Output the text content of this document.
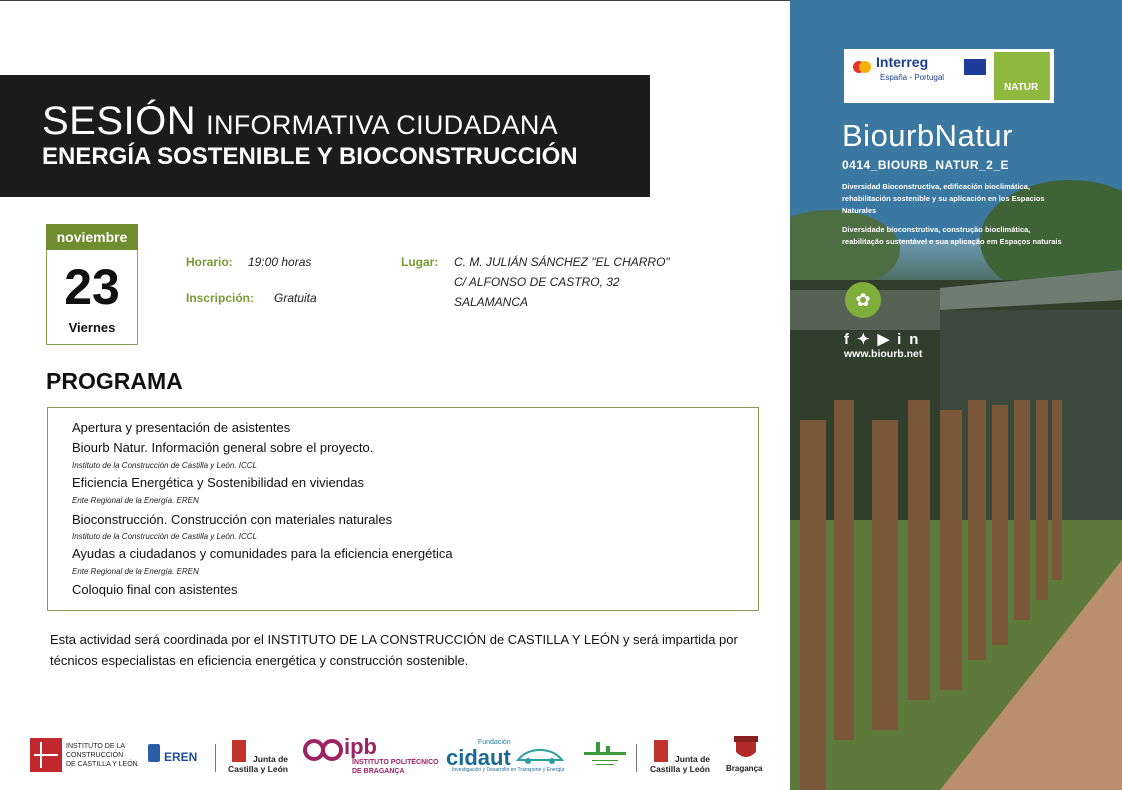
SESIÓN INFORMATIVA CIUDADANA
ENERGÍA SOSTENIBLE Y BIOCONSTRUCCIÓN
noviembre
23
Viernes
Horario: 19:00 horas
Inscripción: Gratuita
Lugar: C. M. JULIÁN SÁNCHEZ "EL CHARRO"
C/ ALFONSO DE CASTRO, 32
SALAMANCA
PROGRAMA
Apertura y presentación de asistentes
Biourb Natur. Información general sobre el proyecto.
Instituto de la Construcción de Castilla y León. ICCL
Eficiencia Energética y Sostenibilidad en viviendas
Ente Regional de la Energía. EREN
Bioconstrucción. Construcción con materiales naturales
Instituto de la Construcción de Castilla y León. ICCL
Ayudas a ciudadanos y comunidades para la eficiencia energética
Ente Regional de la Energía. EREN
Coloquio final con asistentes
Esta actividad será coordinada por el INSTITUTO DE LA CONSTRUCCIÓN de CASTILLA Y LEÓN y será impartida por técnicos especialistas en eficiencia energética y construcción sostenible.
INSTITUTO DE LA
CONSTRUCCIÓN
DE CASTILLA Y LEÓN
EREN	Junta de
Castilla y León
ipb
INSTITUTO POLITÉCNICO
DE BRAGANÇA
Fundación
cidaut
Investigación y Desarrollo en Transporte y Energía
Junta de
Castilla y León Bragança
Interreg
España - Portugal
NATUR
BiourbNatur
0414_BIOURB_NATUR_2_E
Diversidad Bioconstructiva, edificación bioclimática, rehabilitación sostenible y su aplicación en los Espacios Naturales
Diversidade bioconstrutiva, construção bioclimática, reabilitação sustentável e sua aplicação em Espaços naturais
✿
f✦▶in
www.biourb.net
